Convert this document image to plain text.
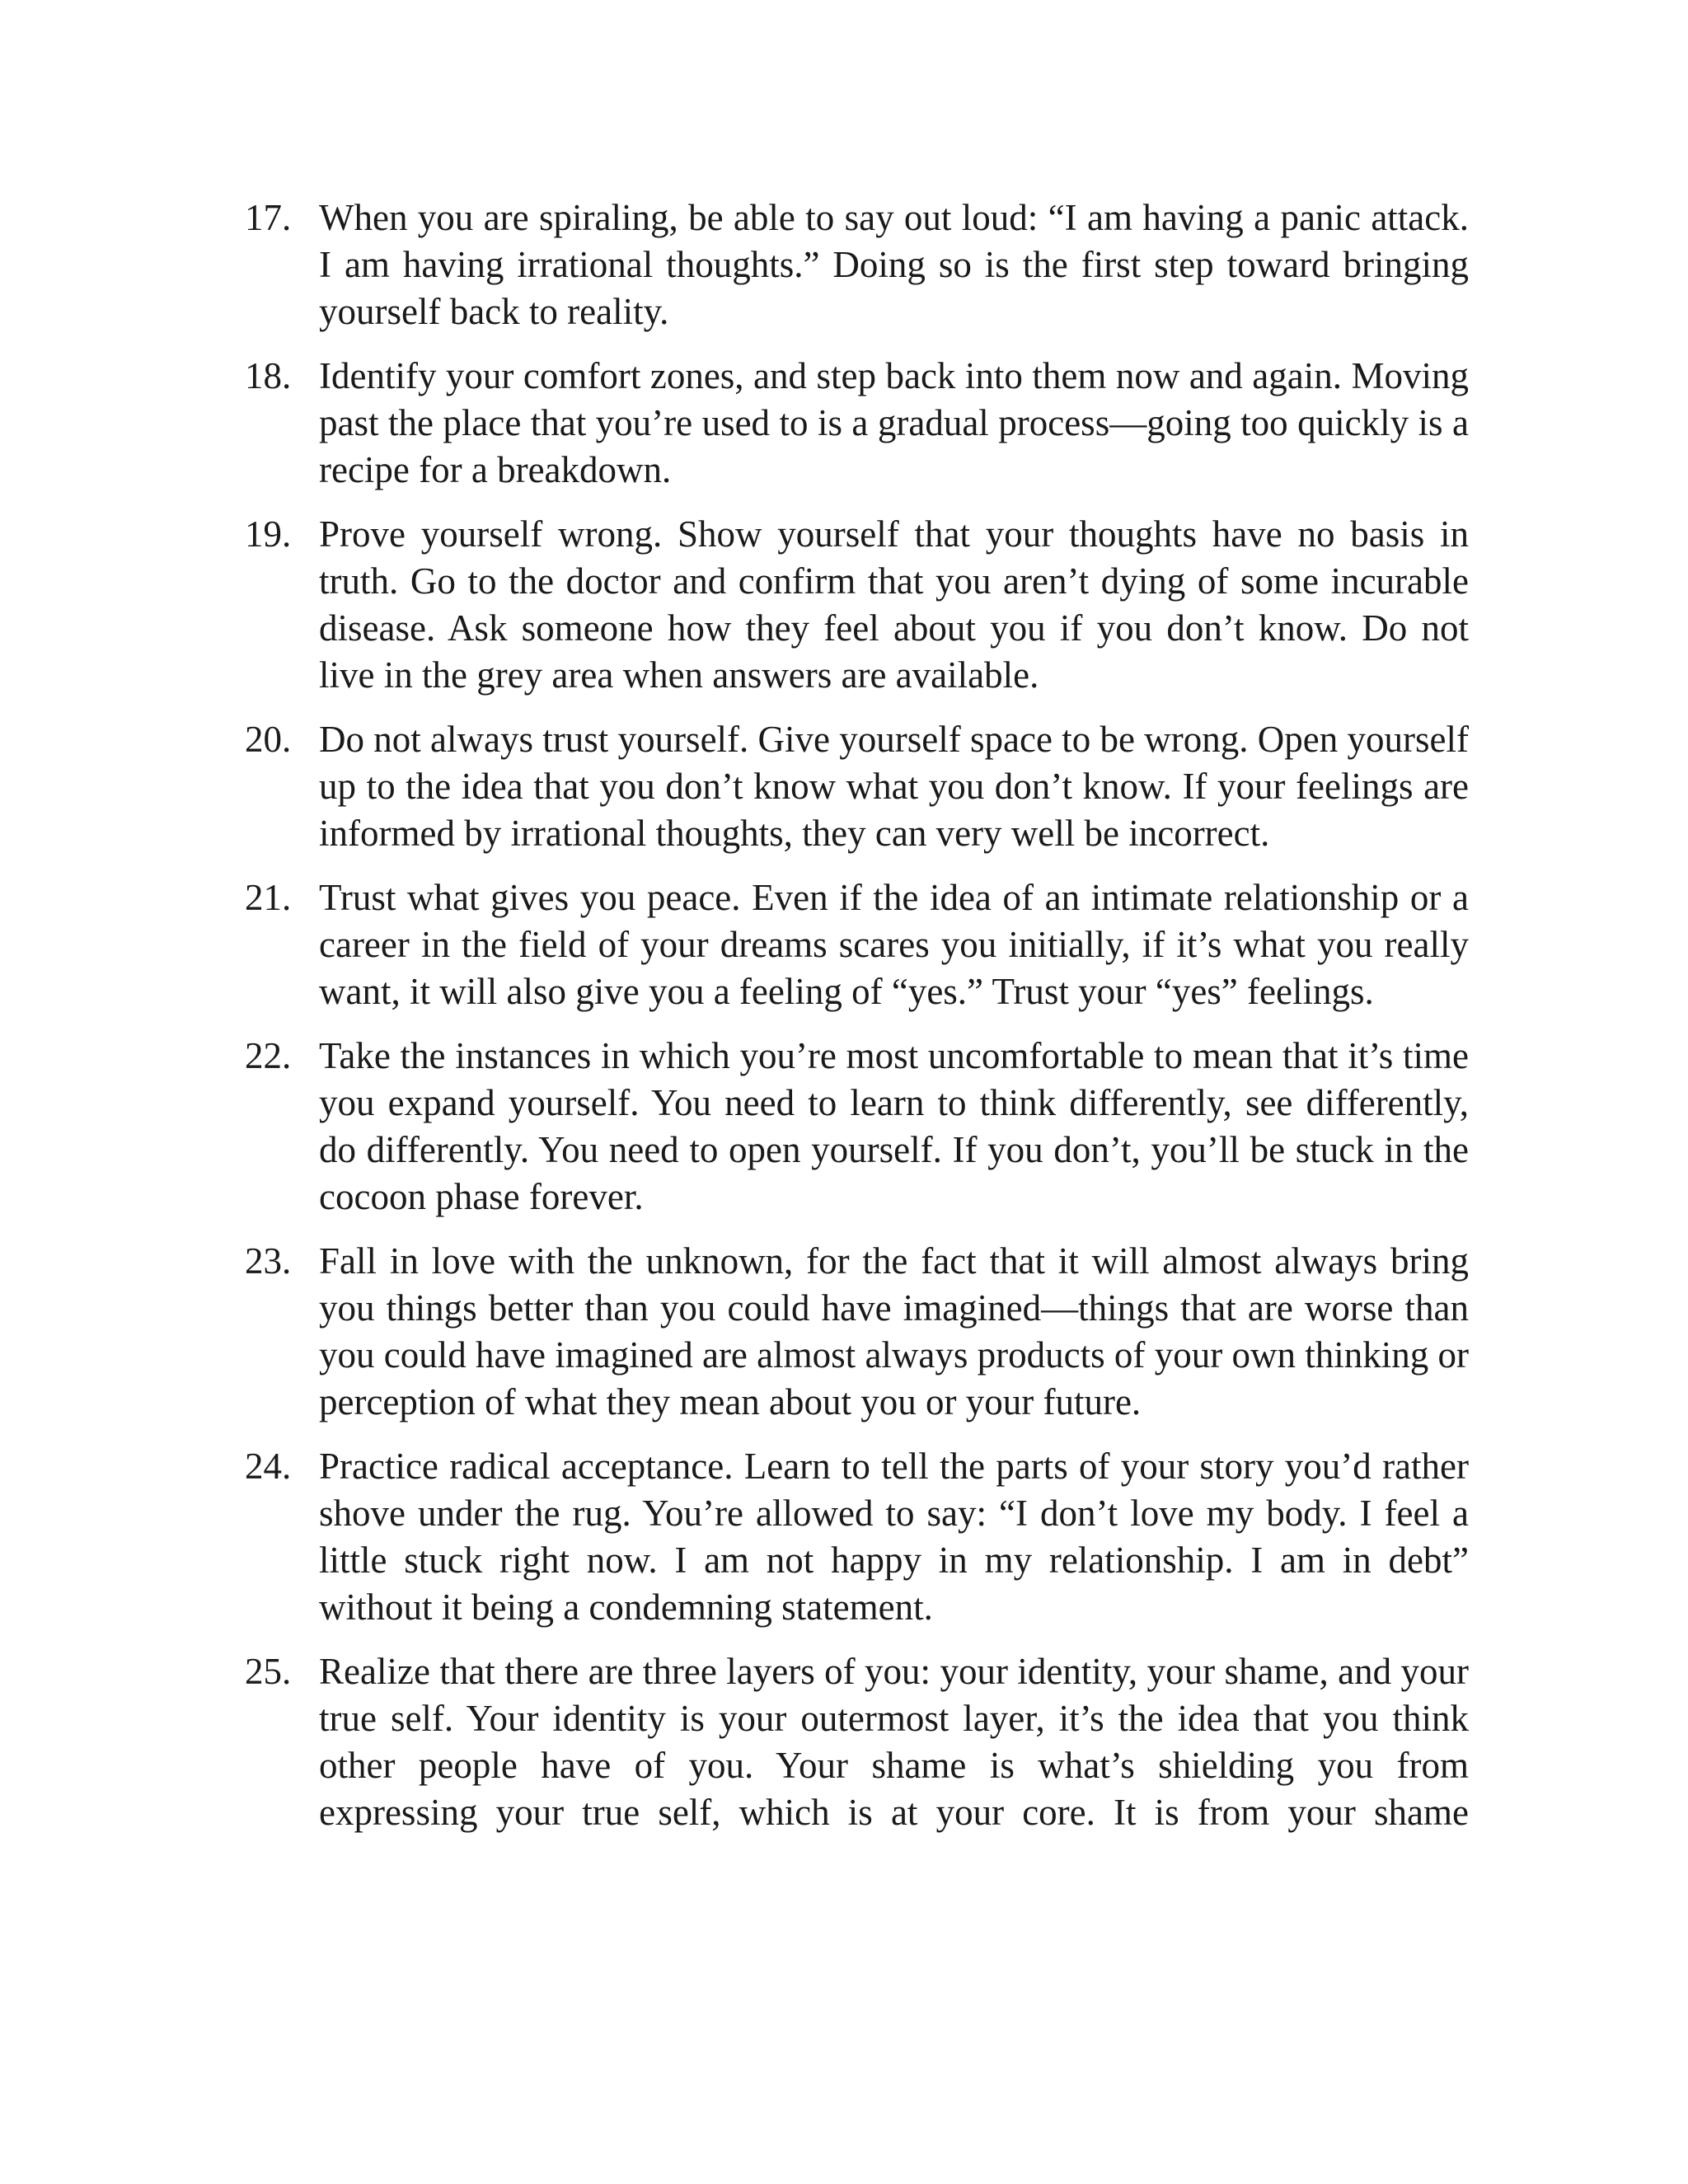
17. When you are spiraling, be able to say out loud: “I am having a panic attack. I am having irrational thoughts.” Doing so is the first step toward bringing yourself back to reality.
18. Identify your comfort zones, and step back into them now and again. Moving past the place that you’re used to is a gradual process—going too quickly is a recipe for a breakdown.
19. Prove yourself wrong. Show yourself that your thoughts have no basis in truth. Go to the doctor and confirm that you aren’t dying of some incurable disease. Ask someone how they feel about you if you don’t know. Do not live in the grey area when answers are available.
20. Do not always trust yourself. Give yourself space to be wrong. Open yourself up to the idea that you don’t know what you don’t know. If your feelings are informed by irrational thoughts, they can very well be incorrect.
21. Trust what gives you peace. Even if the idea of an intimate relationship or a career in the field of your dreams scares you initially, if it’s what you really want, it will also give you a feeling of “yes.” Trust your “yes” feelings.
22. Take the instances in which you’re most uncomfortable to mean that it’s time you expand yourself. You need to learn to think differently, see differently, do differently. You need to open yourself. If you don’t, you’ll be stuck in the cocoon phase forever.
23. Fall in love with the unknown, for the fact that it will almost always bring you things better than you could have imagined—things that are worse than you could have imagined are almost always products of your own thinking or perception of what they mean about you or your future.
24. Practice radical acceptance. Learn to tell the parts of your story you’d rather shove under the rug. You’re allowed to say: “I don’t love my body. I feel a little stuck right now. I am not happy in my relationship. I am in debt” without it being a condemning statement.
25. Realize that there are three layers of you: your identity, your shame, and your true self. Your identity is your outermost layer, it’s the idea that you think other people have of you. Your shame is what’s shielding you from expressing your true self, which is at your core. It is from your shame
